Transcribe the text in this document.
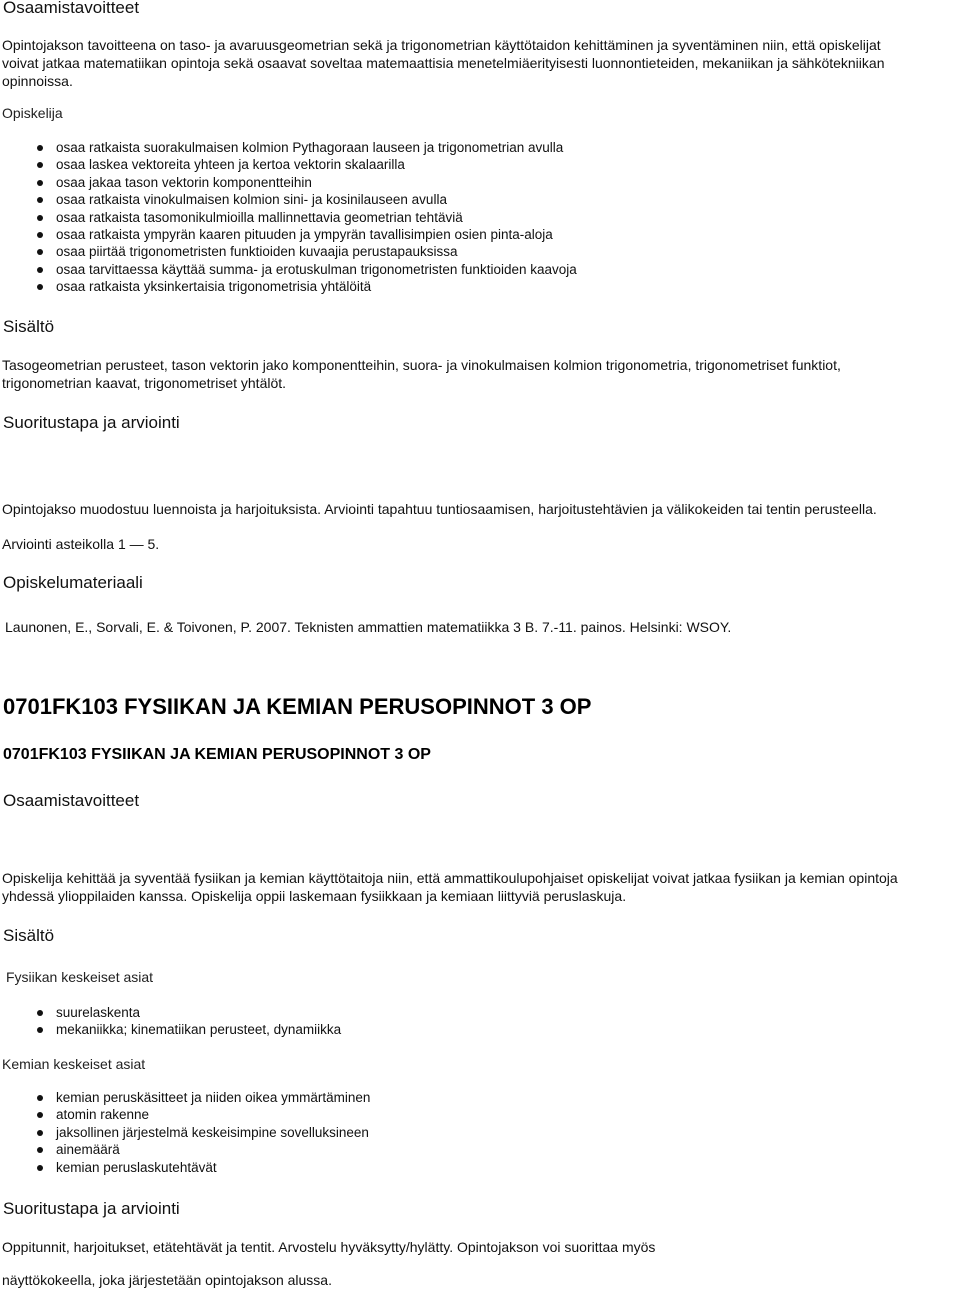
Osaamistavoitteet
Opintojakson tavoitteena on taso- ja avaruusgeometrian sekä ja trigonometrian käyttötaidon kehittäminen ja syventäminen niin, että opiskelijat
voivat jatkaa matematiikan opintoja sekä osaavat soveltaa matemaattisia menetelmiäerityisesti luonnontieteiden, mekaniikan ja sähkötekniikan
opinnoissa.
Opiskelija
osaa ratkaista suorakulmaisen kolmion Pythagoraan lauseen ja trigonometrian avulla
osaa laskea vektoreita yhteen ja kertoa vektorin skalaarilla
osaa jakaa tason vektorin komponentteihin
osaa ratkaista vinokulmaisen kolmion sini- ja kosinilauseen avulla
osaa ratkaista tasomonikulmioilla mallinnettavia geometrian tehtäviä
osaa ratkaista ympyrän kaaren pituuden ja ympyrän tavallisimpien osien pinta-aloja
osaa piirtää trigonometristen funktioiden kuvaajia perustapauksissa
osaa tarvittaessa käyttää summa- ja erotuskulman trigonometristen funktioiden kaavoja
osaa ratkaista yksinkertaisia trigonometrisia yhtälöitä
Sisältö
Tasogeometrian perusteet, tason vektorin jako komponentteihin, suora- ja vinokulmaisen kolmion trigonometria, trigonometriset funktiot,
trigonometrian kaavat, trigonometriset yhtälöt.
Suoritustapa ja arviointi
Opintojakso muodostuu luennoista ja harjoituksista. Arviointi tapahtuu tuntiosaamisen, harjoitustehtävien ja välikokeiden tai tentin perusteella.
Arviointi asteikolla 1 — 5.
Opiskelumateriaali
Launonen, E., Sorvali, E. & Toivonen, P. 2007. Teknisten ammattien matematiikka 3 B. 7.-11. painos. Helsinki: WSOY.
0701FK103 FYSIIKAN JA KEMIAN PERUSOPINNOT 3 OP
0701FK103 FYSIIKAN JA KEMIAN PERUSOPINNOT 3 OP
Osaamistavoitteet
Opiskelija kehittää ja syventää fysiikan ja kemian käyttötaitoja niin, että ammattikoulupohjaiset opiskelijat voivat jatkaa fysiikan ja kemian opintoja
yhdessä ylioppilaiden kanssa. Opiskelija oppii laskemaan fysiikkaan ja kemiaan liittyviä peruslaskuja.
Sisältö
Fysiikan keskeiset asiat
suurelaskenta
mekaniikka; kinematiikan perusteet, dynamiikka
Kemian keskeiset asiat
kemian peruskäsitteet ja niiden oikea ymmärtäminen
atomin rakenne
jaksollinen järjestelmä keskeisimpine sovelluksineen
ainemäärä
kemian peruslaskutehtävät
Suoritustapa ja arviointi
Oppitunnit, harjoitukset, etätehtävät ja tentit. Arvostelu hyväksytty/hylätty. Opintojakson voi suorittaa myös
näyttökokeella, joka järjestetään opintojakson alussa.
